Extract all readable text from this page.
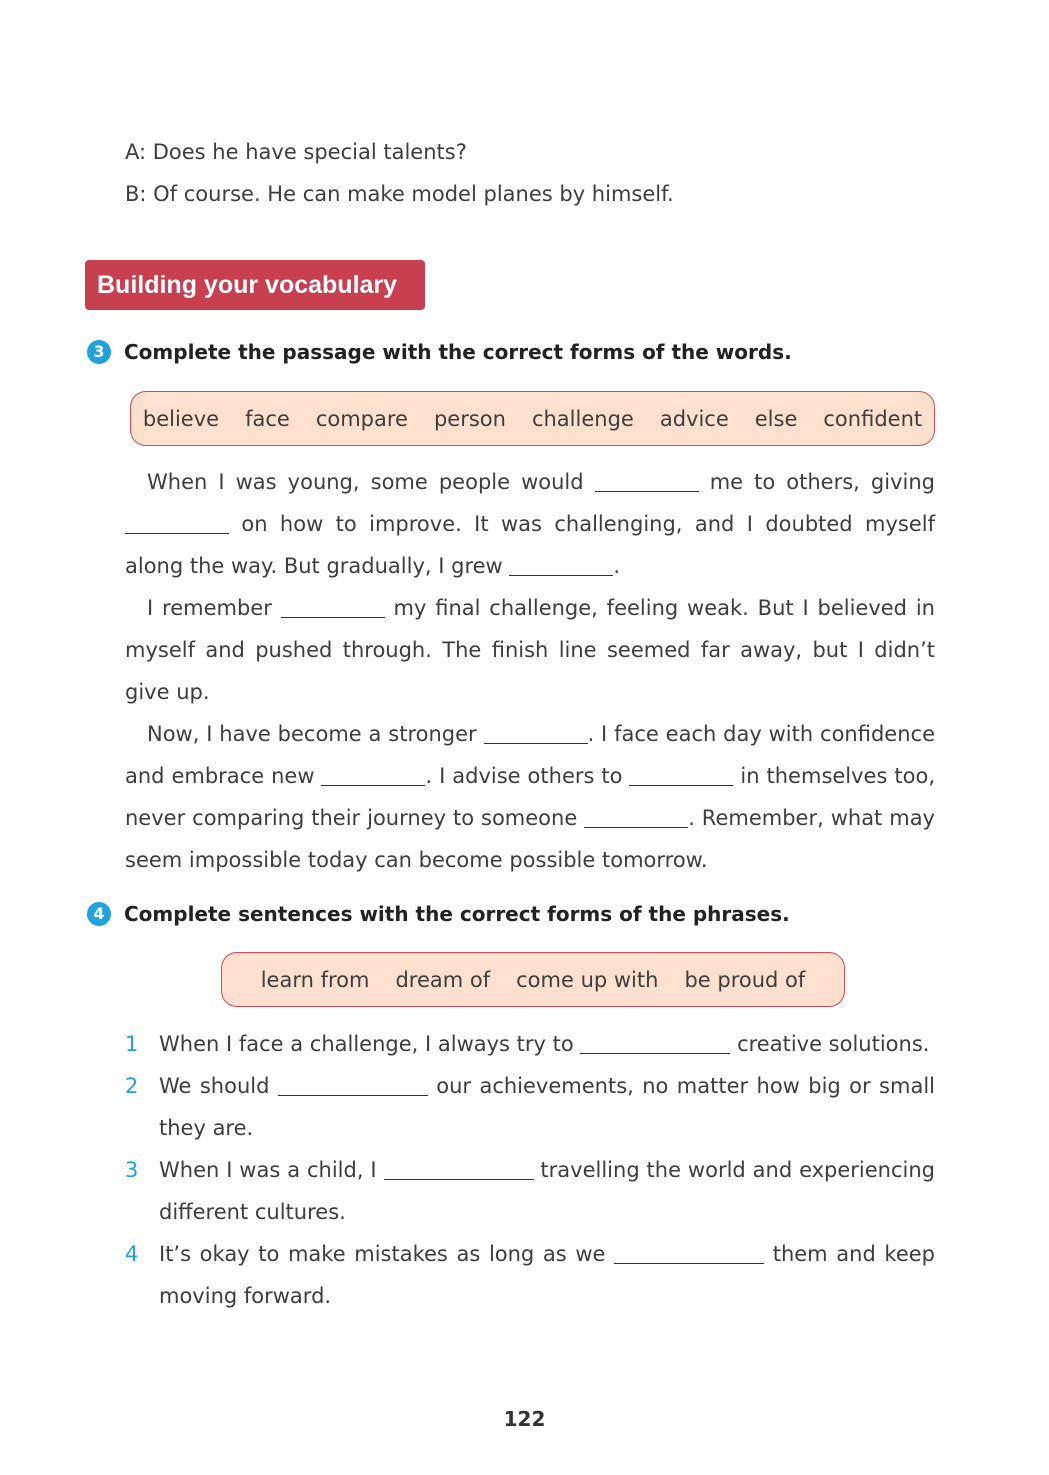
A: Does he have special talents?
B: Of course. He can make model planes by himself.
Building your vocabulary
3 Complete the passage with the correct forms of the words.
believe face compare person challenge advice else confident

When I was young, some people would	me to others, giving  on how to improve. It was challenging, and I doubted myself along the way. But gradually, I grew	.

I remember	my final challenge, feeling weak. But I believed in myself and pushed through. The finish line seemed far away, but I didn’t give up.

Now, I have become a stronger	. I face each day with confidence and embrace new	. I advise others to	in themselves too, never comparing their journey to someone	. Remember, what may seem impossible today can become possible tomorrow.

4 Complete sentences with the correct forms of the phrases.
learn from dream of come up with be proud of
1 When I face a challenge, I always try to	creative solutions.
2 We should	our achievements, no matter how big or small they are.
3 When I was a child, I	travelling the world and experiencing different cultures.
4 It’s okay to make mistakes as long as we	them and keep moving forward.
122
